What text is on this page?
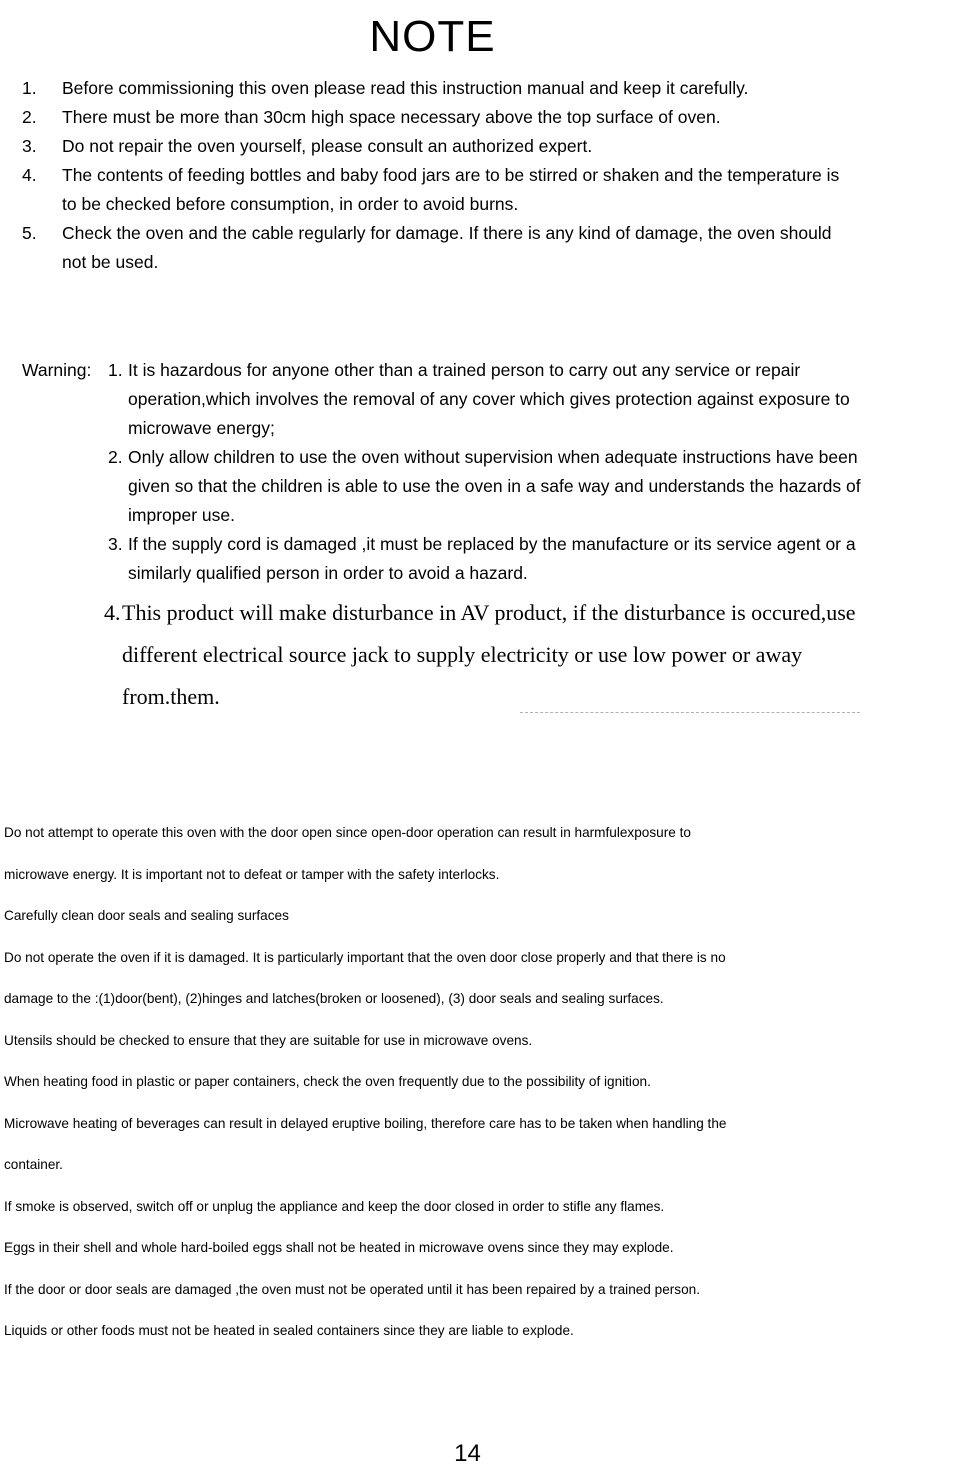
NOTE
1. Before commissioning this oven please read this instruction manual and keep it carefully.
2. There must be more than 30cm high space necessary above the top surface of oven.
3. Do not repair the oven yourself, please consult an authorized expert.
4. The contents of feeding bottles and baby food jars are to be stirred or shaken and the temperature is to be checked before consumption, in order to avoid burns.
5. Check the oven and the cable regularly for damage. If there is any kind of damage, the oven should not be used.
Warning: 1. It is hazardous for anyone other than a trained person to carry out any service or repair operation,which involves the removal of any cover which gives protection against exposure to microwave energy;
2. Only allow children to use the oven without supervision when adequate instructions have been given so that the children is able to use the oven in a safe way and understands the hazards of improper use.
3. If the supply cord is damaged ,it must be replaced by the manufacture or its service agent or a similarly qualified person in order to avoid a hazard.
4. This product will make disturbance in AV product, if the disturbance is occured,use different electrical source jack to supply electricity or use low power or away from.them.

Do not attempt to operate this oven with the door open since open-door operation can result in harmfulexposure to

microwave energy. It is important not to defeat or tamper with the safety interlocks.

Carefully clean door seals and sealing surfaces

Do not operate the oven if it is damaged. It is particularly important that the oven door close properly and that there is no

damage to the :(1)door(bent), (2)hinges and latches(broken or loosened), (3) door seals and sealing surfaces.

Utensils should be checked to ensure that they are suitable for use in microwave ovens.

When heating food in plastic or paper containers, check the oven frequently due to the possibility of ignition.

Microwave heating of beverages can result in delayed eruptive boiling, therefore care has to be taken when handling the

container.

If smoke is observed, switch off or unplug the appliance and keep the door closed in order to stifle any flames.

Eggs in their shell and whole hard-boiled eggs shall not be heated in microwave ovens since they may explode.

If the door or door seals are damaged ,the oven must not be operated until it has been repaired by a trained person.

Liquids or other foods must not be heated in sealed containers since they are liable to explode.

14
